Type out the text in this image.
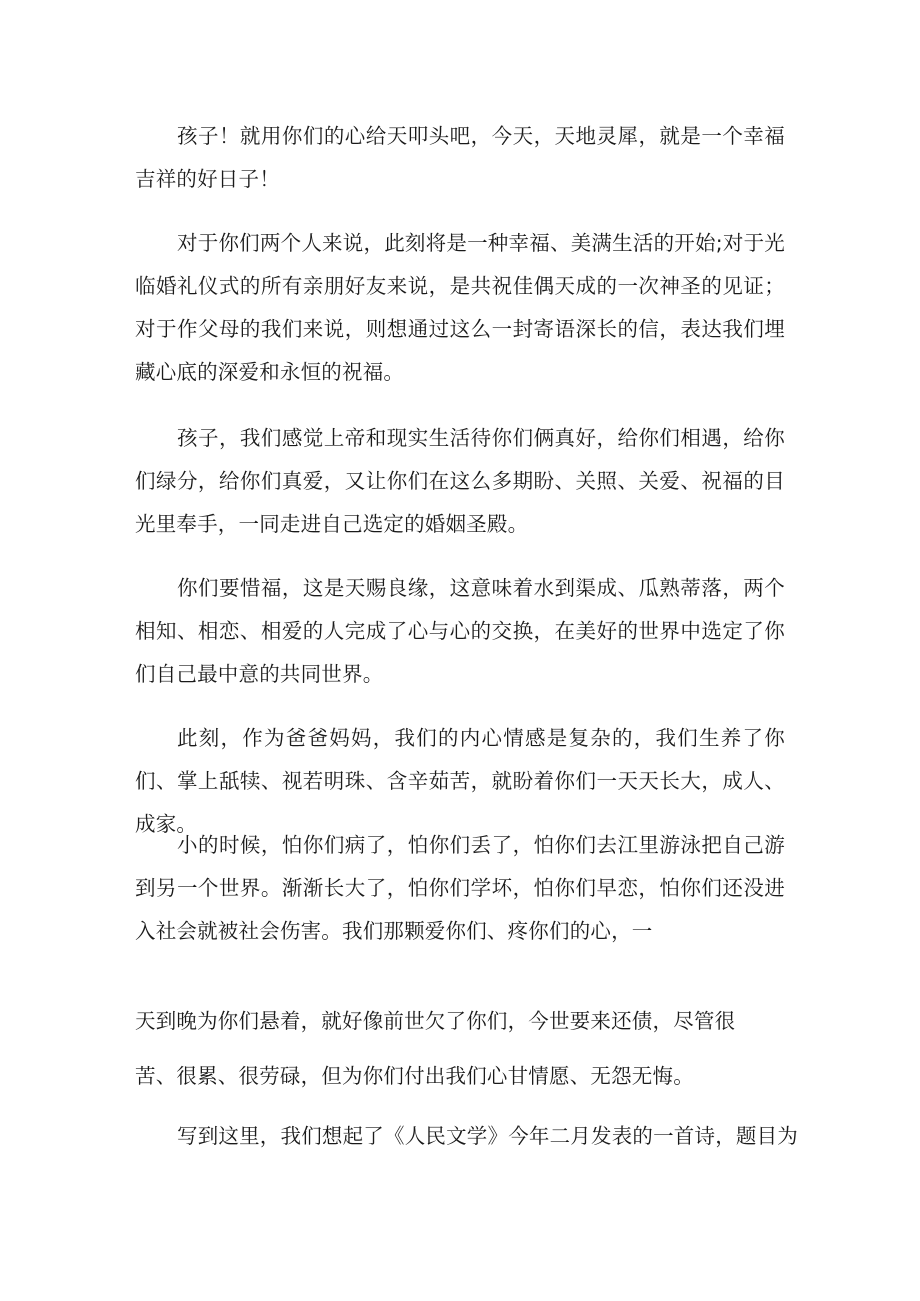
孩子！就用你们的心给天叩头吧，今天，天地灵犀，就是一个幸福吉祥的好日子！

对于你们两个人来说，此刻将是一种幸福、美满生活的开始;对于光临婚礼仪式的所有亲朋好友来说，是共祝佳偶天成的一次神圣的见证；对于作父母的我们来说，则想通过这么一封寄语深长的信，表达我们埋藏心底的深爱和永恒的祝福。

孩子，我们感觉上帝和现实生活待你们俩真好，给你们相遇，给你们绿分，给你们真爱，又让你们在这么多期盼、关照、关爱、祝福的目光里奉手，一同走进自己选定的婚姻圣殿。

你们要惜福，这是天赐良缘，这意味着水到渠成、瓜熟蒂落，两个相知、相恋、相爱的人完成了心与心的交换，在美好的世界中选定了你们自己最中意的共同世界。

此刻，作为爸爸妈妈，我们的内心情感是复杂的，我们生养了你们、掌上舐犊、视若明珠、含辛茹苦，就盼着你们一天天长大，成人、成家。

小的时候，怕你们病了，怕你们丢了，怕你们去江里游泳把自己游到另一个世界。渐渐长大了，怕你们学坏，怕你们早恋，怕你们还没进入社会就被社会伤害。我们那颗爱你们、疼你们的心，一

天到晚为你们悬着，就好像前世欠了你们，今世要来还债，尽管很

苦、很累、很劳碌，但为你们付出我们心甘情愿、无怨无悔。

写到这里，我们想起了《人民文学》今年二月发表的一首诗，题目为
